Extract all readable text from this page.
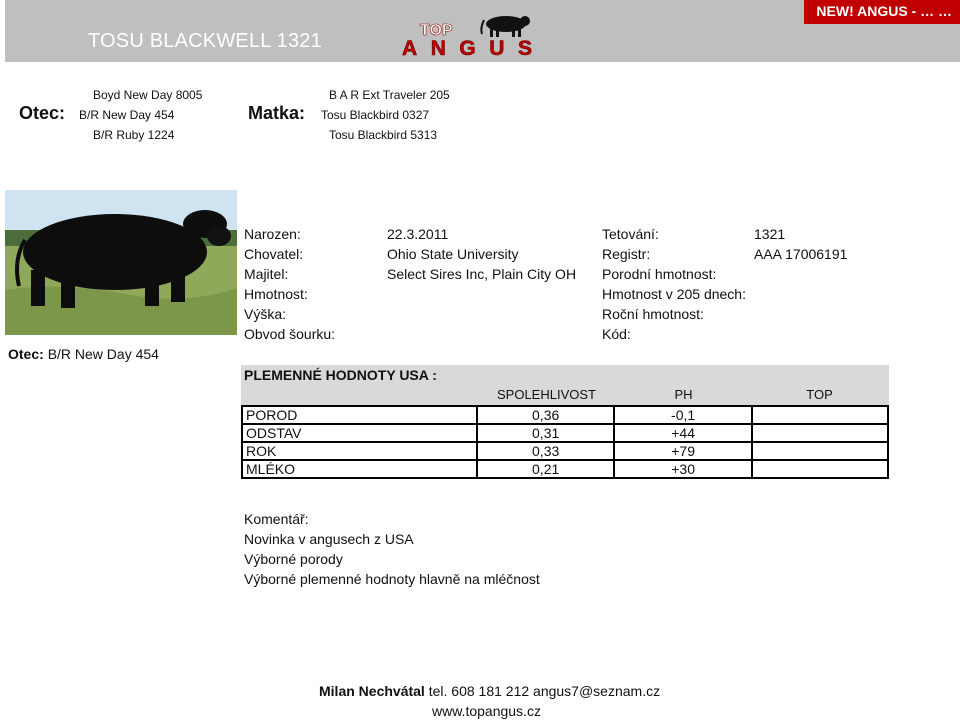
TOSU BLACKWELL 1321
NEW! ANGUS - … …
TOP
ANGUS
Otec:
Boyd New Day 8005
B/R New Day 454
B/R Ruby 1224
Matka:
B A R Ext Traveler 205
Tosu Blackbird 0327
Tosu Blackbird 5313
Otec: B/R New Day 454
Narozen:	22.3.2011
Chovatel:	Ohio State University
Majitel:	Select Sires Inc, Plain City OH
Hmotnost:
Výška:
Obvod šourku:
Tetování:	1321
Registr:	AAA 17006191
Porodní hmotnost:
Hmotnost v 205 dnech:
Roční hmotnost:
Kód:
PLEMENNÉ HODNOTY USA :
SPOLEHLIVOST	PH	TOP
POROD	0,36	-0,1	
ODSTAV	0,31	+44	
ROK	0,33	+79	
MLÉKO	0,21	+30	
Komentář:
Novinka v angusech z USA
Výborné porody
Výborné plemenné hodnoty hlavně na mléčnost
Milan Nechvátal tel. 608 181 212 angus7@seznam.cz
www.topangus.cz
